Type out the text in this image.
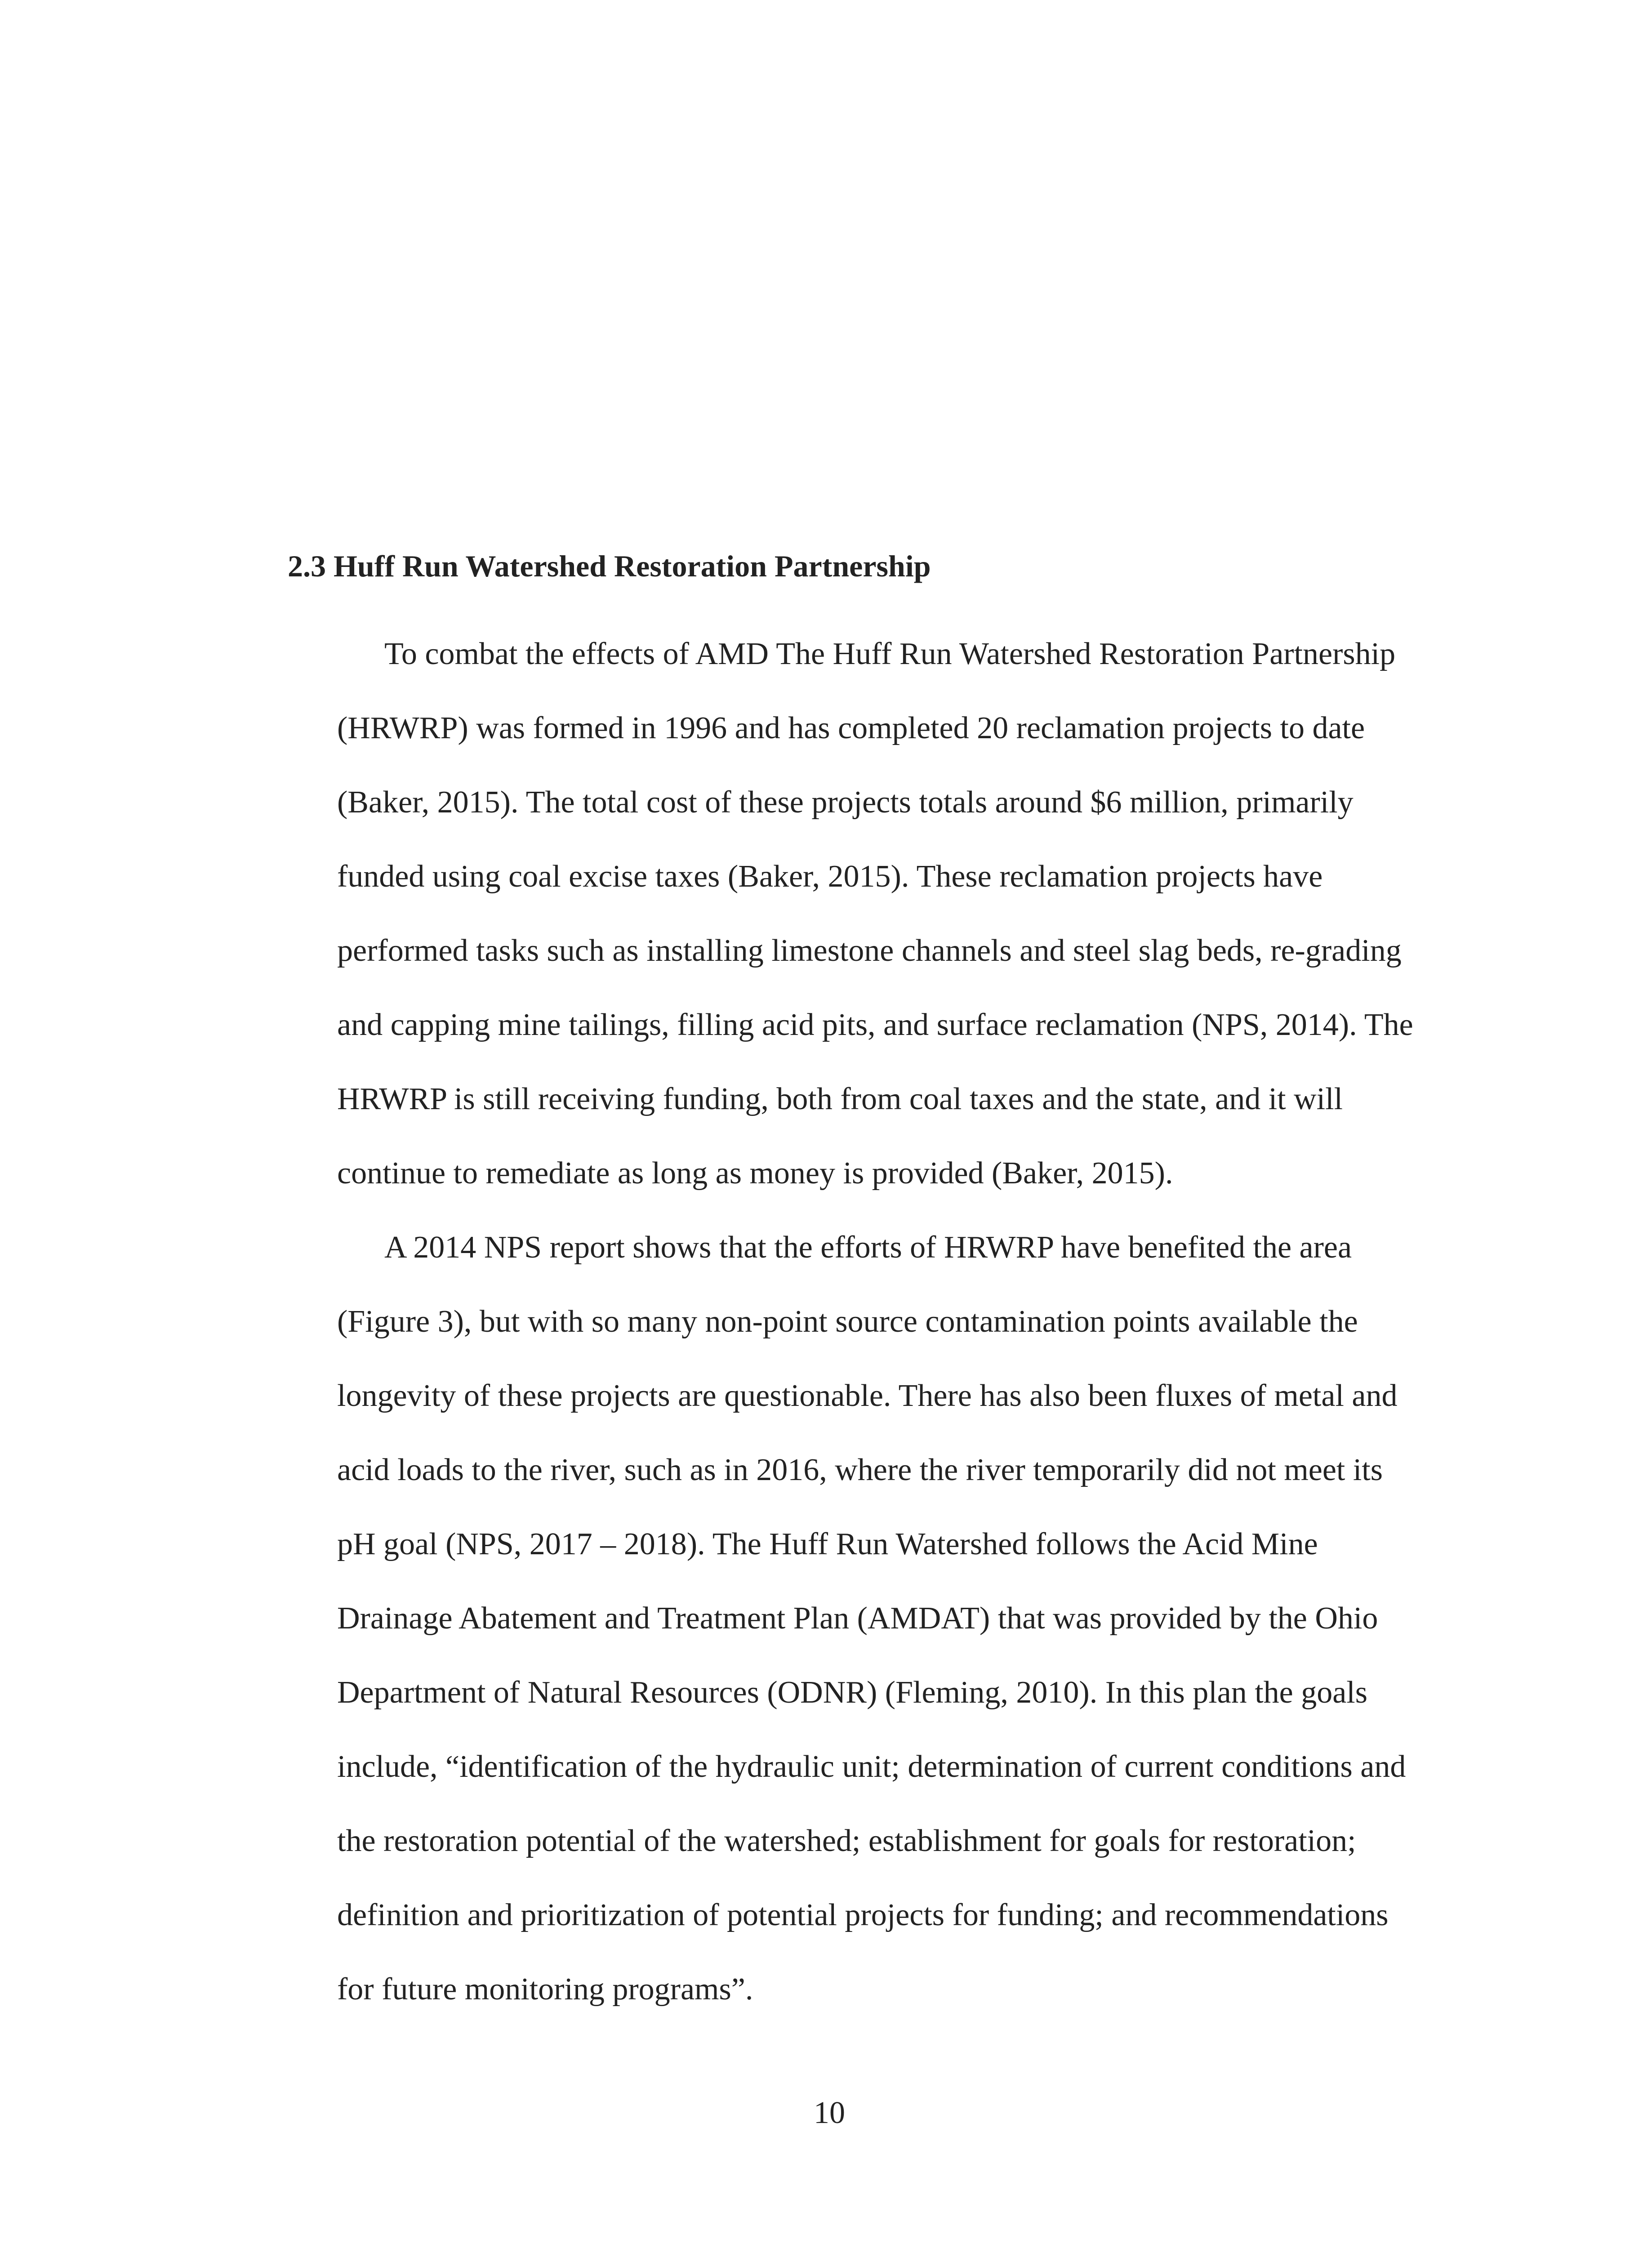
2.3 Huff Run Watershed Restoration Partnership

To combat the effects of AMD The Huff Run Watershed Restoration Partnership

(HRWRP) was formed in 1996 and has completed 20 reclamation projects to date

(Baker, 2015). The total cost of these projects totals around $6 million, primarily

funded using coal excise taxes (Baker, 2015). These reclamation projects have

performed tasks such as installing limestone channels and steel slag beds, re-grading

and capping mine tailings, filling acid pits, and surface reclamation (NPS, 2014). The

HRWRP is still receiving funding, both from coal taxes and the state, and it will

continue to remediate as long as money is provided (Baker, 2015).

A 2014 NPS report shows that the efforts of HRWRP have benefited the area

(Figure 3), but with so many non-point source contamination points available the

longevity of these projects are questionable. There has also been fluxes of metal and

acid loads to the river, such as in 2016, where the river temporarily did not meet its

pH goal (NPS, 2017 – 2018). The Huff Run Watershed follows the Acid Mine

Drainage Abatement and Treatment Plan (AMDAT) that was provided by the Ohio

Department of Natural Resources (ODNR) (Fleming, 2010). In this plan the goals

include, “identification of the hydraulic unit; determination of current conditions and

the restoration potential of the watershed; establishment for goals for restoration;

definition and prioritization of potential projects for funding; and recommendations

for future monitoring programs”.

10
